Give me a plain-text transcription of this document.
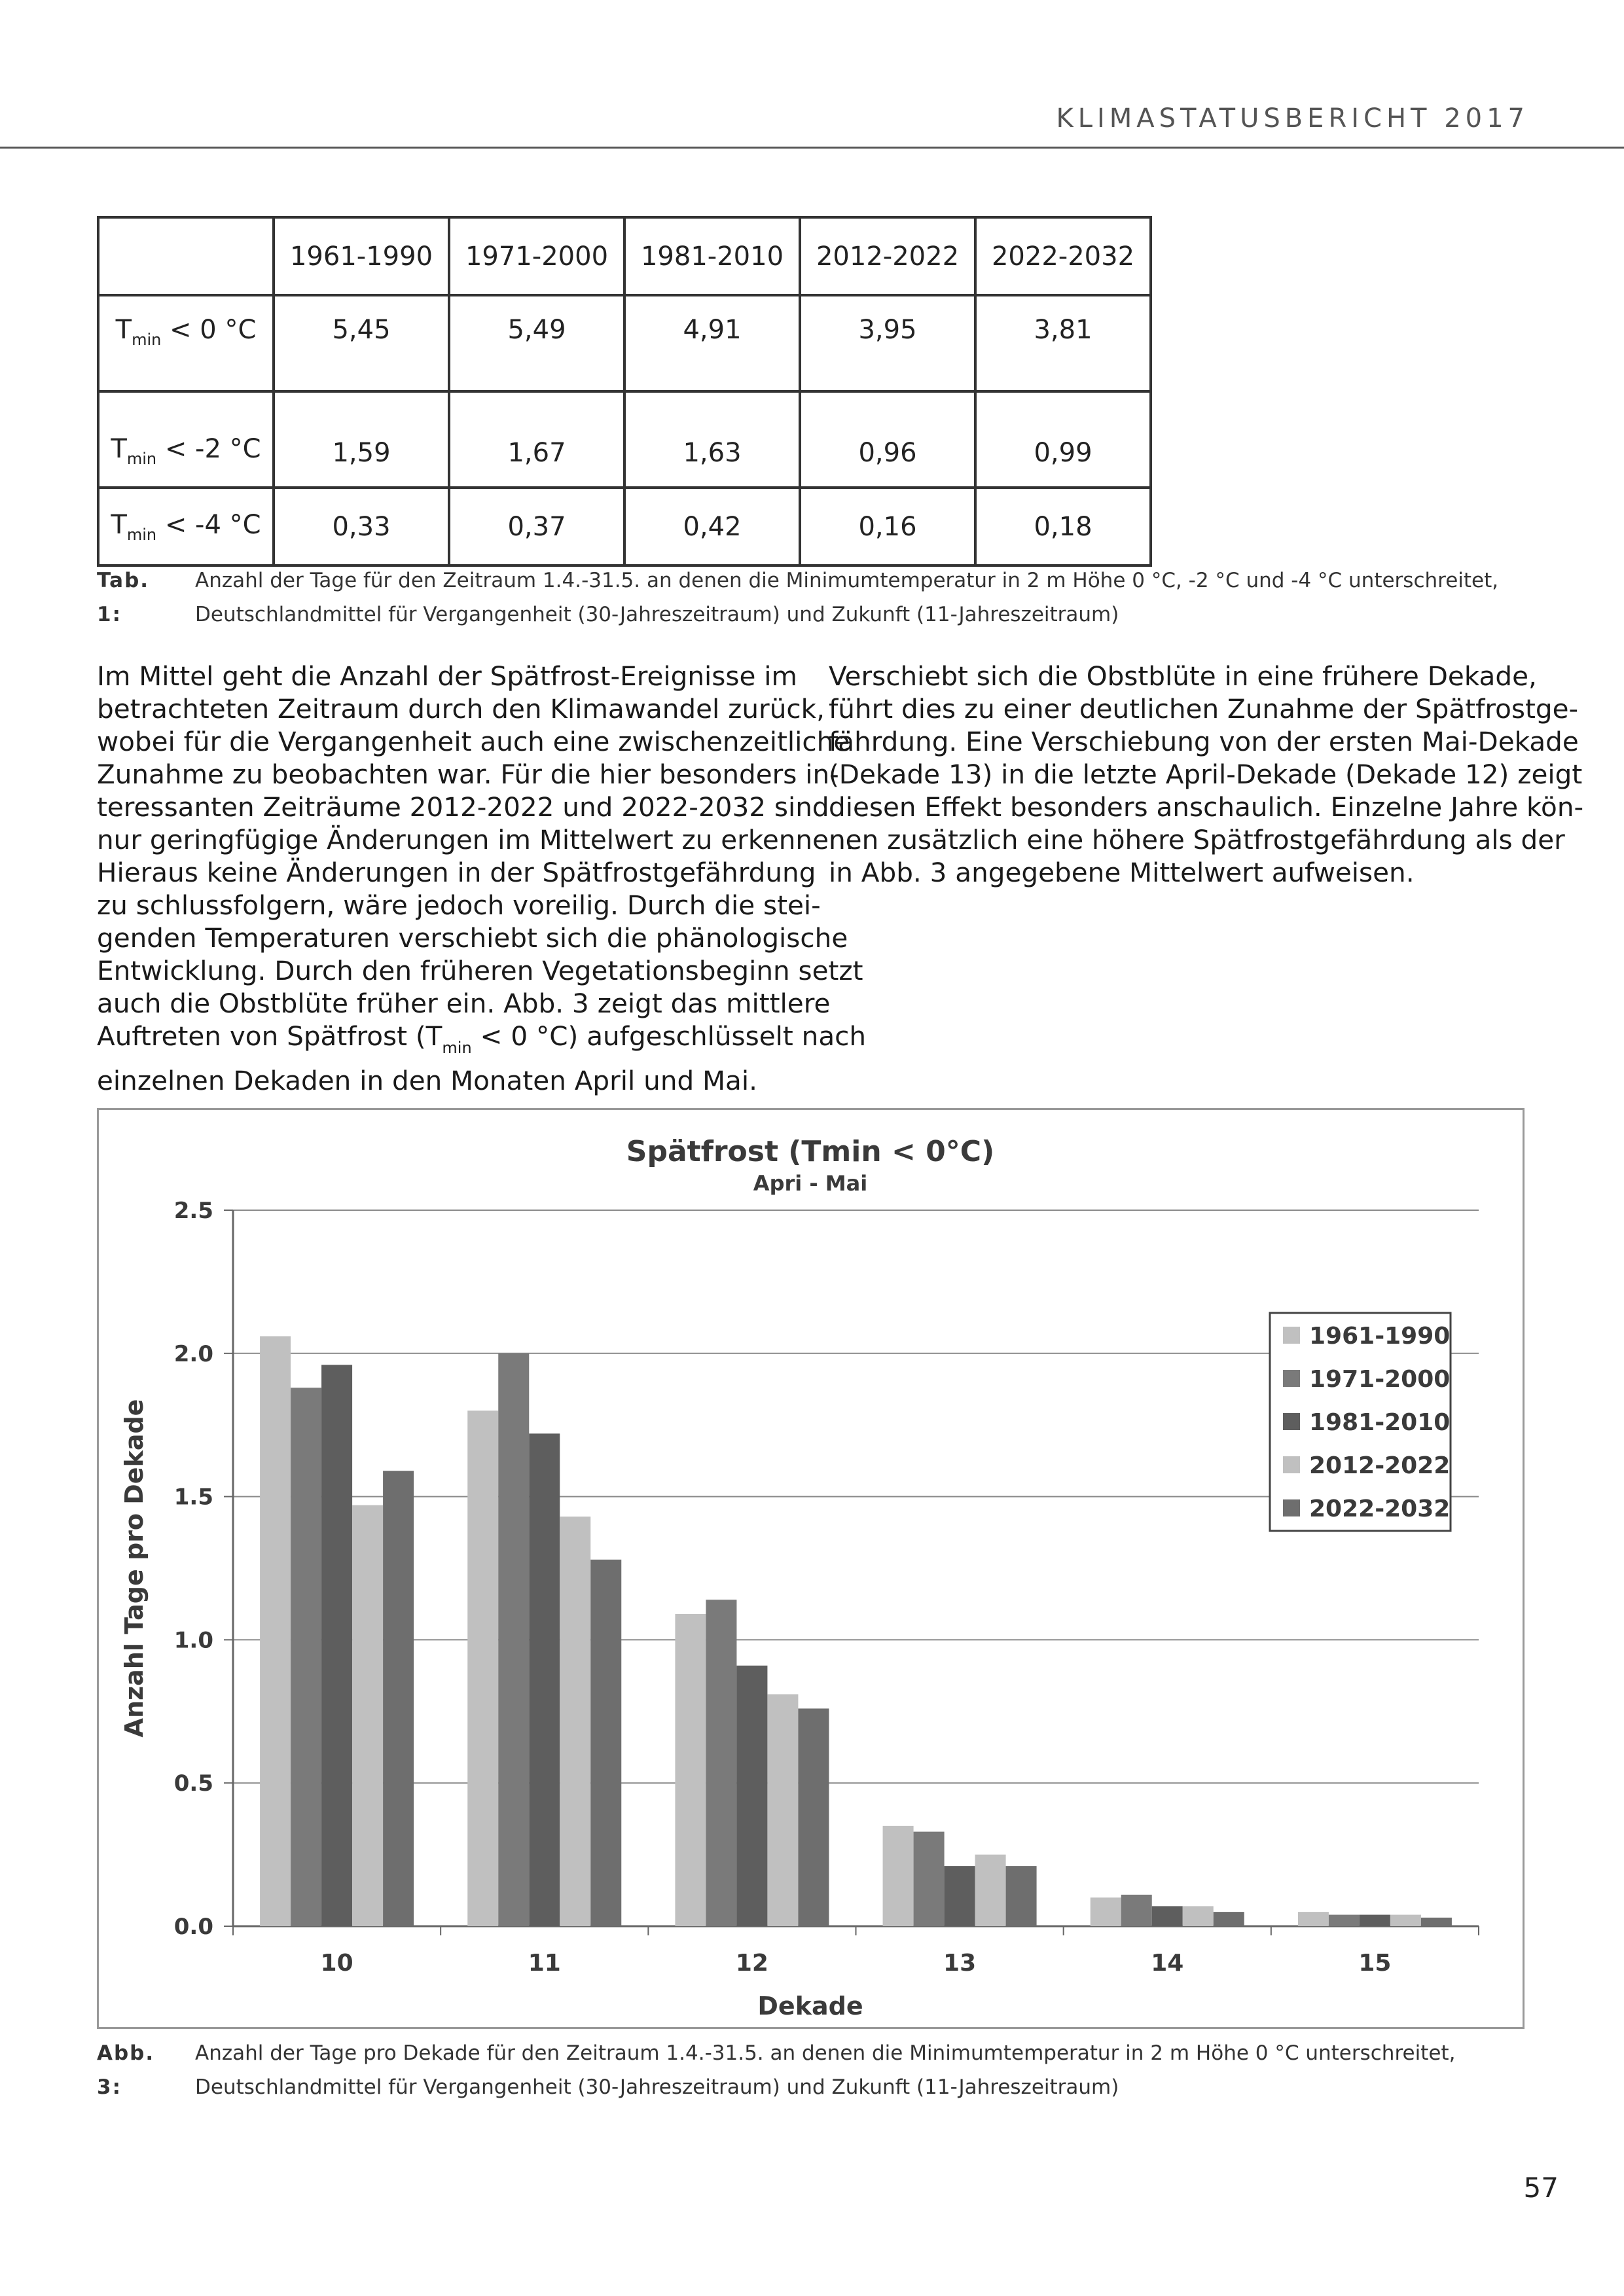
KLIMASTATUSBERICHT 2017
	1961-1990	1971-2000	1981-2010	2012-2022	2022-2032
$T_{min} < 0$ °C	5,45	5,49	4,91	3,95	3,81
$T_{min} < -2$ °C	1,59	1,67	1,63	0,96	0,99
$T_{min} < -4$ °C	0,33	0,37	0,42	0,16	0,18
Tab. 1:
Anzahl der Tage für den Zeitraum 1.4.-31.5. an denen die Minimumtemperatur in 2 m Höhe 0 °C, -2 °C und -4 °C unterschreitet,
Deutschlandmittel für Vergangenheit (30-Jahreszeitraum) und Zukunft (11-Jahreszeitraum)
Im Mittel geht die Anzahl der Spätfrost-Ereignisse im
betrachteten Zeitraum durch den Klimawandel zurück,
wobei für die Vergangenheit auch eine zwischenzeitliche
Zunahme zu beobachten war. Für die hier besonders in-
teressanten Zeiträume 2012-2022 und 2022-2032 sind
nur geringfügige Änderungen im Mittelwert zu erkennen.
Hieraus keine Änderungen in der Spätfrostgefährdung
zu schlussfolgern, wäre jedoch voreilig. Durch die stei-
genden Temperaturen verschiebt sich die phänologische
Entwicklung. Durch den früheren Vegetationsbeginn setzt
auch die Obstblüte früher ein. Abb. 3 zeigt das mittlere
Auftreten von Spätfrost ($T_{min} < 0$ °C) aufgeschlüsselt nach
einzelnen Dekaden in den Monaten April und Mai.
Verschiebt sich die Obstblüte in eine frühere Dekade,
führt dies zu einer deutlichen Zunahme der Spätfrostge-
fährdung. Eine Verschiebung von der ersten Mai-Dekade
(Dekade 13) in die letzte April-Dekade (Dekade 12) zeigt
diesen Effekt besonders anschaulich. Einzelne Jahre kön-
nen zusätzlich eine höhere Spätfrostgefährdung als der
in Abb. 3 angegebene Mittelwert aufweisen.
Spätfrost (Tmin < 0°C)
Apri - Mai
0.0
0.5
1.0
1.5
2.0
2.5
10	11	12	13	14	15
Dekade
Anzahl Tage pro Dekade
1961-1990
1971-2000
1981-2010
2012-2022
2022-2032
Abb. 3:
Anzahl der Tage pro Dekade für den Zeitraum 1.4.-31.5. an denen die Minimumtemperatur in 2 m Höhe 0 °C unterschreitet,
Deutschlandmittel für Vergangenheit (30-Jahreszeitraum) und Zukunft (11-Jahreszeitraum)
57
